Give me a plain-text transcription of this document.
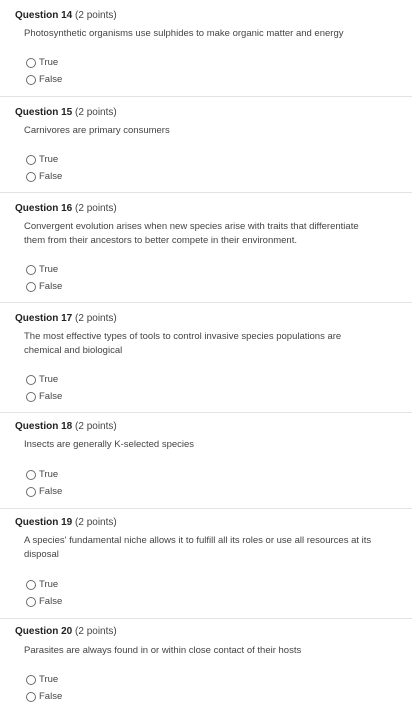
Question 14 (2 points)
Photosynthetic organisms use sulphides to make organic matter and energy
True
False
Question 15 (2 points)
Carnivores are primary consumers
True
False
Question 16 (2 points)
Convergent evolution arises when new species arise with traits that differentiate them from their ancestors to better compete in their environment.
True
False
Question 17 (2 points)
The most effective types of tools to control invasive species populations are chemical and biological
True
False
Question 18 (2 points)
Insects are generally K-selected species
True
False
Question 19 (2 points)
A species' fundamental niche allows it to fulfill all its roles or use all resources at its disposal
True
False
Question 20 (2 points)
Parasites are always found in or within close contact of their hosts
True
False
